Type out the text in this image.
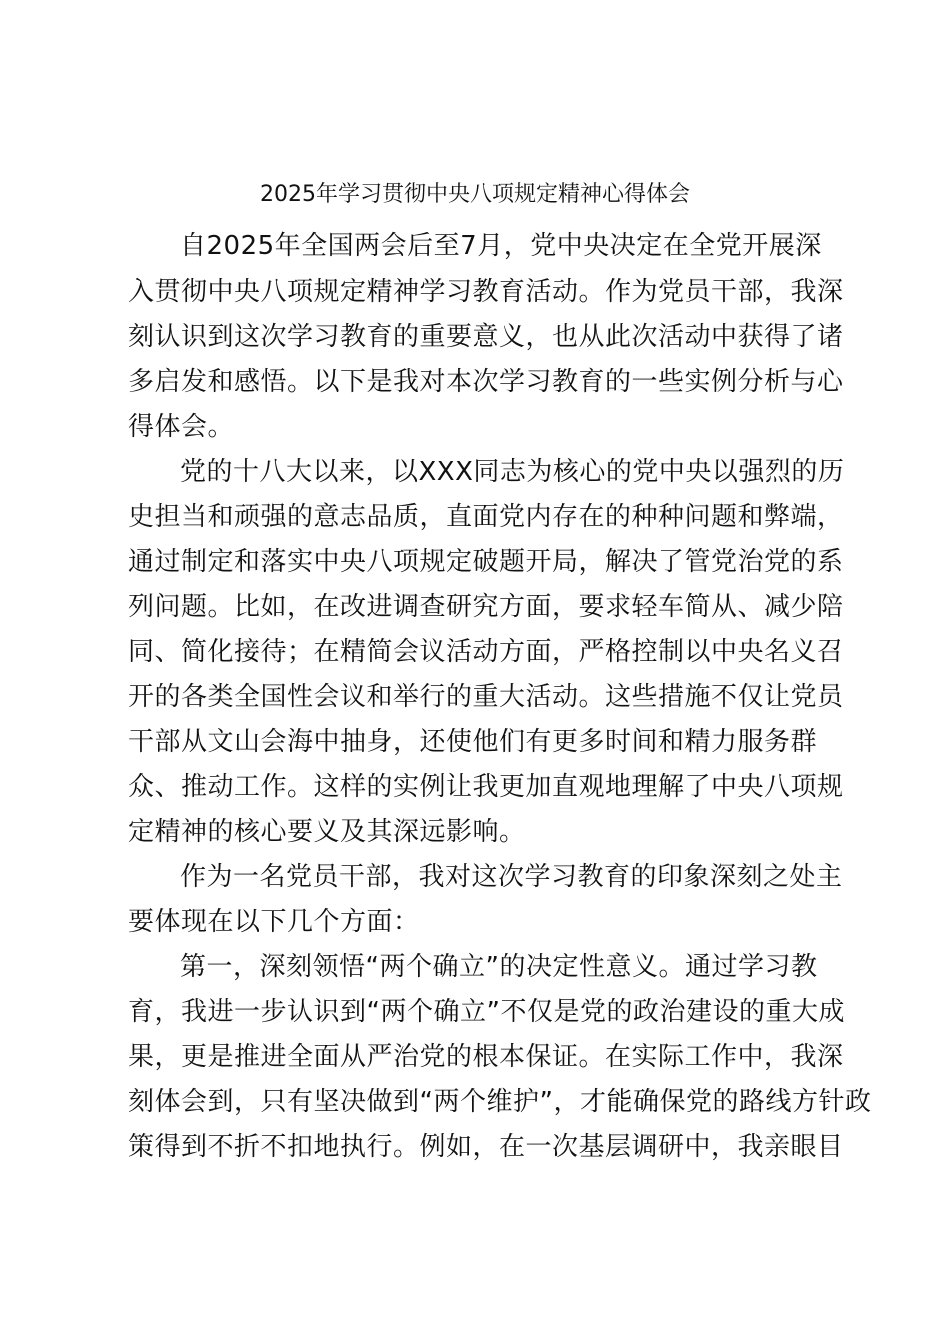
2025年学习贯彻中央八项规定精神心得体会
自2025年全国两会后至7月，党中央决定在全党开展深
入贯彻中央八项规定精神学习教育活动。作为党员干部，我深
刻认识到这次学习教育的重要意义，也从此次活动中获得了诸
多启发和感悟。以下是我对本次学习教育的一些实例分析与心
得体会。
党的十八大以来，以XXX同志为核心的党中央以强烈的历
史担当和顽强的意志品质，直面党内存在的种种问题和弊端，
通过制定和落实中央八项规定破题开局，解决了管党治党的系
列问题。比如，在改进调查研究方面，要求轻车简从、减少陪
同、简化接待；在精简会议活动方面，严格控制以中央名义召
开的各类全国性会议和举行的重大活动。这些措施不仅让党员
干部从文山会海中抽身，还使他们有更多时间和精力服务群
众、推动工作。这样的实例让我更加直观地理解了中央八项规
定精神的核心要义及其深远影响。
作为一名党员干部，我对这次学习教育的印象深刻之处主
要体现在以下几个方面：
第一，深刻领悟“两个确立”的决定性意义。通过学习教
育，我进一步认识到“两个确立”不仅是党的政治建设的重大成
果，更是推进全面从严治党的根本保证。在实际工作中，我深
刻体会到，只有坚决做到“两个维护”，才能确保党的路线方针政
策得到不折不扣地执行。例如，在一次基层调研中，我亲眼目
